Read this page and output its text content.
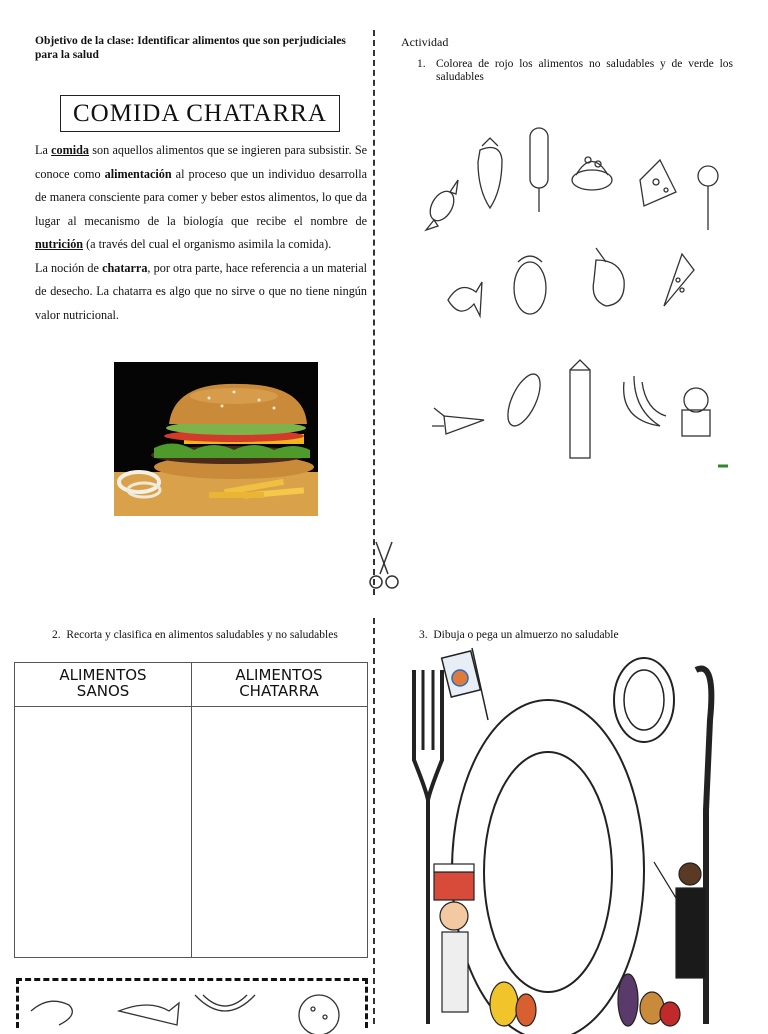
Objetivo de la clase: Identificar alimentos que son perjudiciales para la salud
COMIDA CHATARRA
La comida son aquellos alimentos que se ingieren para subsistir. Se conoce como alimentación al proceso que un individuo desarrolla de manera consciente para comer y beber estos alimentos, lo que da lugar al mecanismo de la biología que recibe el nombre de nutrición (a través del cual el organismo asimila la comida).
La noción de chatarra, por otra parte, hace referencia a un material de desecho. La chatarra es algo que no sirve o que no tiene ningún valor nutricional.
Actividad
1. Colorea de rojo los alimentos no saludables y de verde los saludables
2. Recorta y clasifica en alimentos saludables y no saludables
ALIMENTOS
SANOS
ALIMENTOS
CHATARRA
3. Dibuja o pega un almuerzo no saludable
